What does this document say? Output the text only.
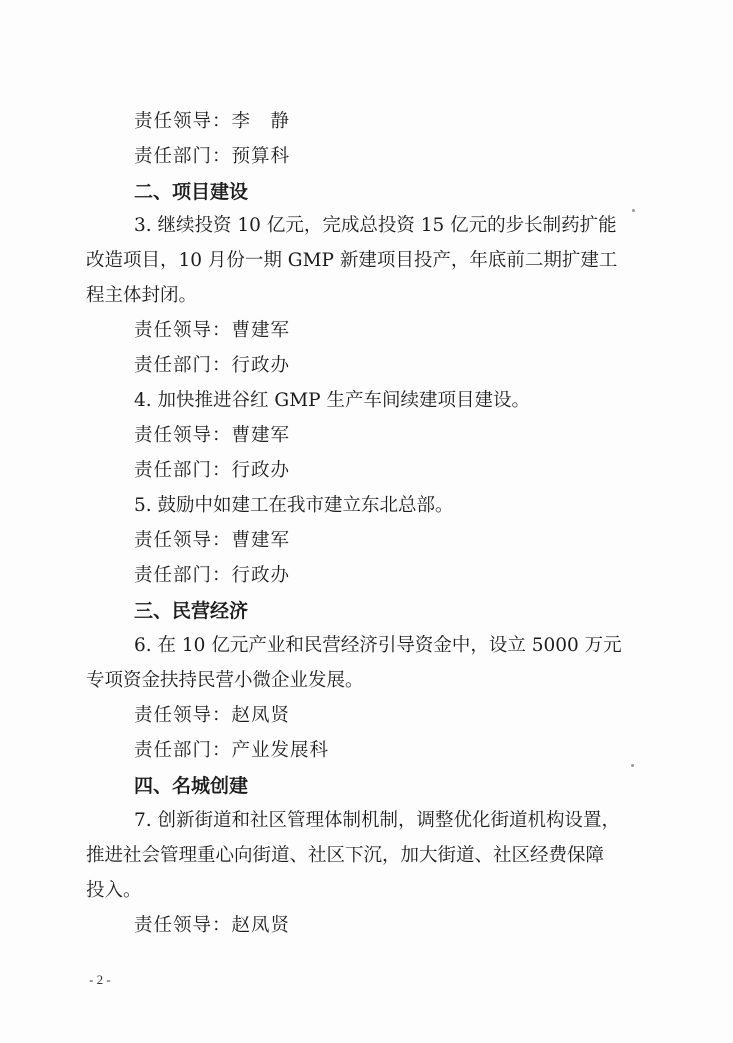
责任领导：李　静
责任部门：预算科
二、项目建设
3. 继续投资 10 亿元，完成总投资 15 亿元的步长制药扩能
改造项目，10 月份一期 GMP 新建项目投产，年底前二期扩建工
程主体封闭。
责任领导：曹建军
责任部门：行政办
4. 加快推进谷红 GMP 生产车间续建项目建设。
责任领导：曹建军
责任部门：行政办
5. 鼓励中如建工在我市建立东北总部。
责任领导：曹建军
责任部门：行政办
三、民营经济
6. 在 10 亿元产业和民营经济引导资金中，设立 5000 万元
专项资金扶持民营小微企业发展。
责任领导：赵凤贤
责任部门：产业发展科
四、名城创建
7. 创新街道和社区管理体制机制，调整优化街道机构设置，
推进社会管理重心向街道、社区下沉，加大街道、社区经费保障
投入。
责任领导：赵凤贤
- 2 -
